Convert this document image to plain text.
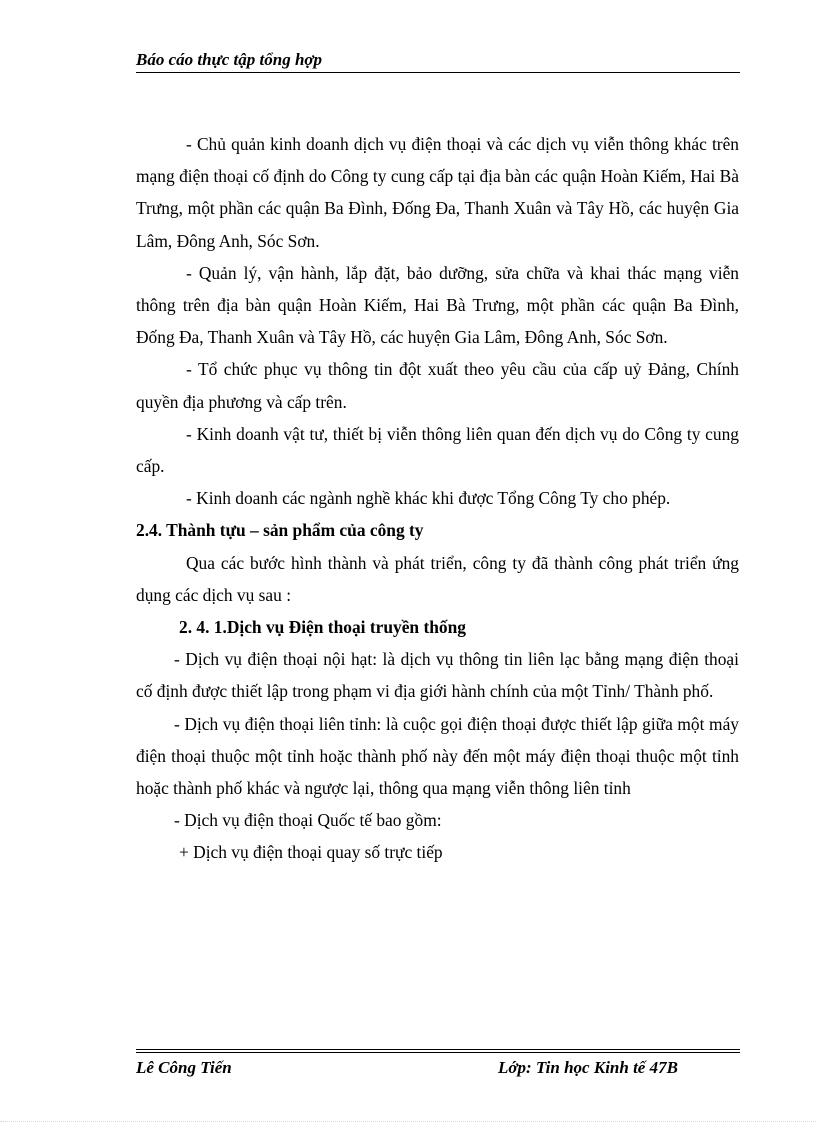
Báo cáo thực tập tổng hợp

- Chủ quản kinh doanh dịch vụ điện thoại và các dịch vụ viễn thông khác trên mạng điện thoại cố định do Công ty cung cấp tại địa bàn các quận Hoàn Kiếm, Hai Bà Trưng, một phần các quận Ba Đình, Đống Đa, Thanh Xuân và Tây Hồ, các huyện Gia Lâm, Đông Anh, Sóc Sơn.

- Quản lý, vận hành, lắp đặt, bảo dưỡng, sửa chữa và khai thác mạng viễn thông trên địa bàn quận Hoàn Kiếm, Hai Bà Trưng, một phần các quận Ba Đình, Đống Đa, Thanh Xuân và Tây Hồ, các huyện Gia Lâm, Đông Anh, Sóc Sơn.

- Tổ chức phục vụ thông tin đột xuất theo yêu cầu của cấp uỷ Đảng, Chính quyền địa phương và cấp trên.

- Kinh doanh vật tư, thiết bị viễn thông liên quan đến dịch vụ do Công ty cung cấp.

- Kinh doanh các ngành nghề khác khi được Tổng Công Ty cho phép.

2.4. Thành tựu – sản phẩm của công ty

Qua các bước hình thành và phát triển, công ty đã thành công phát triển ứng dụng các dịch vụ sau :

2. 4. 1.Dịch vụ Điện thoại truyền thống

- Dịch vụ điện thoại nội hạt: là dịch vụ thông tin liên lạc bằng mạng điện thoại cố định được thiết lập trong phạm vi địa giới hành chính của một Tỉnh/ Thành phố.

- Dịch vụ điện thoại liên tỉnh: là cuộc gọi điện thoại được thiết lập giữa một máy điện thoại thuộc một tỉnh hoặc thành phố này đến một máy điện thoại thuộc một tỉnh hoặc thành phố khác và ngược lại, thông qua mạng viễn thông liên tỉnh

- Dịch vụ điện thoại Quốc tế bao gồm:

+ Dịch vụ điện thoại quay số trực tiếp

Lê Công Tiến	Lớp: Tin học Kinh tế 47B
